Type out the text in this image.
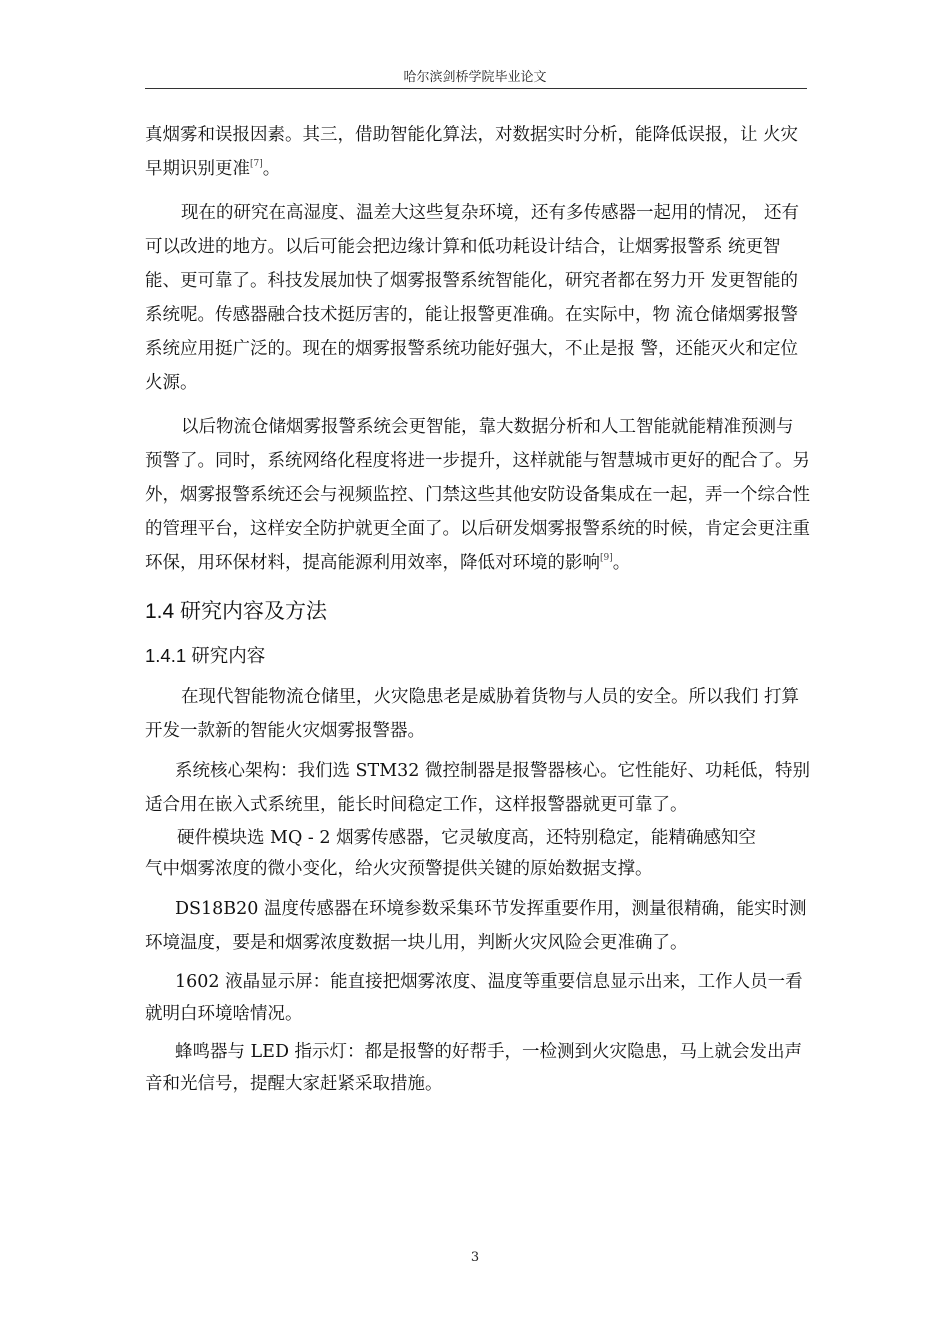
哈尔滨剑桥学院毕业论文

真烟雾和误报因素。其三，借助智能化算法，对数据实时分析，能降低误报，让 火灾早期识别更准[7]。

现在的研究在高湿度、温差大这些复杂环境，还有多传感器一起用的情况， 还有可以改进的地方。以后可能会把边缘计算和低功耗设计结合，让烟雾报警系 统更智能、更可靠了。科技发展加快了烟雾报警系统智能化，研究者都在努力开 发更智能的系统呢。传感器融合技术挺厉害的，能让报警更准确。在实际中，物 流仓储烟雾报警系统应用挺广泛的。现在的烟雾报警系统功能好强大，不止是报 警，还能灭火和定位火源。

以后物流仓储烟雾报警系统会更智能，靠大数据分析和人工智能就能精准预测与预警了。同时，系统网络化程度将进一步提升，这样就能与智慧城市更好的配合了。另外，烟雾报警系统还会与视频监控、门禁这些其他安防设备集成在一起，弄一个综合性的管理平台，这样安全防护就更全面了。以后研发烟雾报警系统的时候，肯定会更注重环保，用环保材料，提高能源利用效率，降低对环境的影响[9]。

1.4 研究内容及方法
1.4.1 研究内容

在现代智能物流仓储里，火灾隐患老是威胁着货物与人员的安全。所以我们 打算开发一款新的智能火灾烟雾报警器。

系统核心架构：我们选 STM32 微控制器是报警器核心。它性能好、功耗低，特别适合用在嵌入式系统里，能长时间稳定工作，这样报警器就更可靠了。

硬件模块选 MQ - 2 烟雾传感器，它灵敏度高，还特别稳定，能精确感知空

气中烟雾浓度的微小变化，给火灾预警提供关键的原始数据支撑。

DS18B20 温度传感器在环境参数采集环节发挥重要作用，测量很精确，能实时测环境温度，要是和烟雾浓度数据一块儿用，判断火灾风险会更准确了。

1602 液晶显示屏：能直接把烟雾浓度、温度等重要信息显示出来，工作人员一看就明白环境啥情况。

蜂鸣器与 LED 指示灯：都是报警的好帮手，一检测到火灾隐患，马上就会发出声音和光信号，提醒大家赶紧采取措施。

3
